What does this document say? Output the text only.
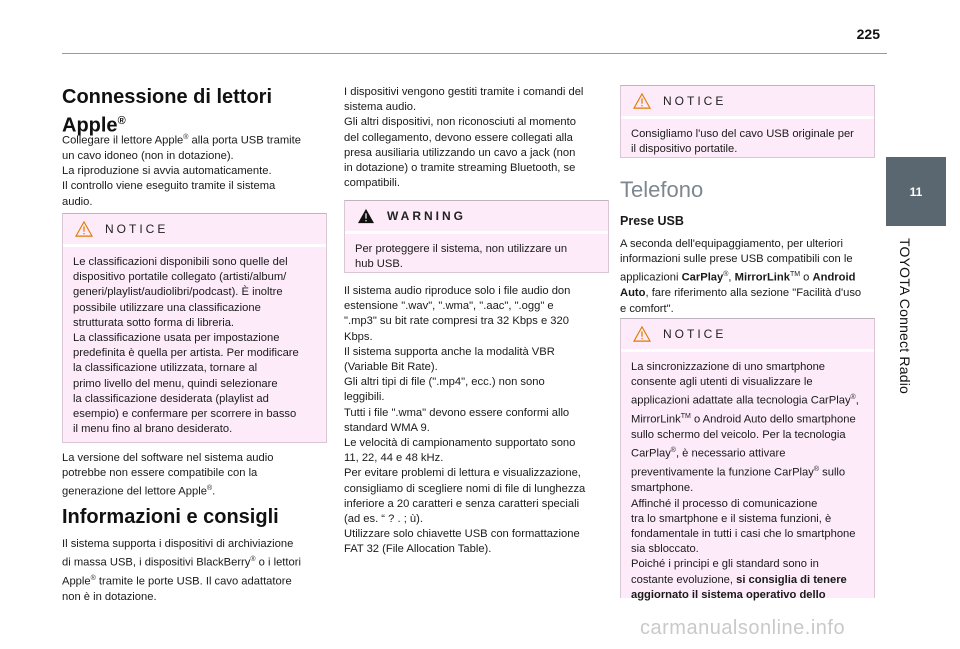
225
11
TOYOTA Connect Radio
Connessione di lettori
Apple®

Collegare il lettore Apple® alla porta USB tramite
un cavo idoneo (non in dotazione).
La riproduzione si avvia automaticamente.
Il controllo viene eseguito tramite il sistema
audio.

NOTICE

Le classificazioni disponibili sono quelle del
dispositivo portatile collegato (artisti/album/
generi/playlist/audiolibri/podcast). È inoltre
possibile utilizzare una classificazione
strutturata sotto forma di libreria.
La classificazione usata per impostazione
predefinita è quella per artista. Per modificare
la classificazione utilizzata, tornare al
primo livello del menu, quindi selezionare
la classificazione desiderata (playlist ad
esempio) e confermare per scorrere in basso
il menu fino al brano desiderato.

La versione del software nel sistema audio
potrebbe non essere compatibile con la
generazione del lettore Apple®.

Informazioni e consigli

Il sistema supporta i dispositivi di archiviazione
di massa USB, i dispositivi BlackBerry® o i lettori
Apple® tramite le porte USB. Il cavo adattatore
non è in dotazione.

I dispositivi vengono gestiti tramite i comandi del
sistema audio.
Gli altri dispositivi, non riconosciuti al momento
del collegamento, devono essere collegati alla
presa ausiliaria utilizzando un cavo a jack (non
in dotazione) o tramite streaming Bluetooth, se
compatibili.

WARNING

Per proteggere il sistema, non utilizzare un
hub USB.

Il sistema audio riproduce solo i file audio don
estensione ".wav", ".wma", ".aac", ".ogg" e
".mp3" su bit rate compresi tra 32 Kbps e 320
Kbps.
Il sistema supporta anche la modalità VBR
(Variable Bit Rate).
Gli altri tipi di file (".mp4", ecc.) non sono
leggibili.
Tutti i file ".wma" devono essere conformi allo
standard WMA 9.
Le velocità di campionamento supportato sono
11, 22, 44 e 48 kHz.
Per evitare problemi di lettura e visualizzazione,
consigliamo di scegliere nomi di file di lunghezza
inferiore a 20 caratteri e senza caratteri speciali
(ad es. “ ? . ; ù).
Utilizzare solo chiavette USB con formattazione
FAT 32 (File Allocation Table).

NOTICE

Consigliamo l'uso del cavo USB originale per
il dispositivo portatile.

Telefono
Prese USB

A seconda dell'equipaggiamento, per ulteriori
informazioni sulle prese USB compatibili con le
applicazioni CarPlay®, MirrorLink™ o Android
Auto, fare riferimento alla sezione "Facilità d'uso
e comfort".

NOTICE

La sincronizzazione di uno smartphone
consente agli utenti di visualizzare le
applicazioni adattate alla tecnologia CarPlay®,
MirrorLink™ o Android Auto dello smartphone
sullo schermo del veicolo. Per la tecnologia
CarPlay®, è necessario attivare
preventivamente la funzione CarPlay® sullo
smartphone.
Affinché il processo di comunicazione
tra lo smartphone e il sistema funzioni, è
fondamentale in tutti i casi che lo smartphone
sia sbloccato.
Poiché i principi e gli standard sono in
costante evoluzione, si consiglia di tenere
aggiornato il sistema operativo dello

carmanualsonline.info
